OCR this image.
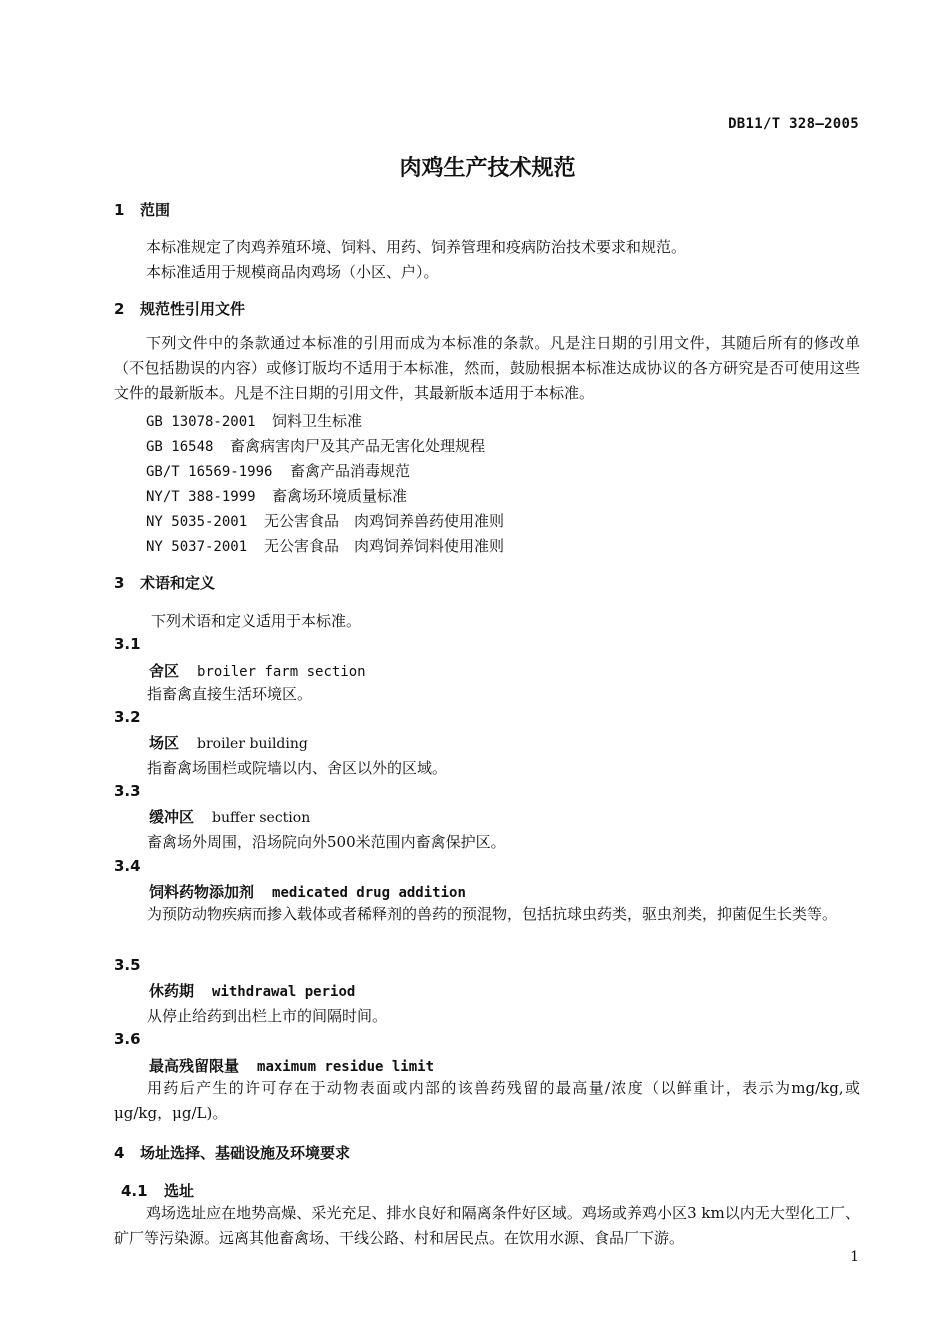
DB11/T 328—2005
肉鸡生产技术规范
1 范围
本标准规定了肉鸡养殖环境、饲料、用药、饲养管理和疫病防治技术要求和规范。
本标准适用于规模商品肉鸡场（小区、户）。
2 规范性引用文件
下列文件中的条款通过本标准的引用而成为本标准的条款。凡是注日期的引用文件，其随后所有的修改单（不包括勘误的内容）或修订版均不适用于本标准，然而，鼓励根据本标准达成协议的各方研究是否可使用这些文件的最新版本。凡是不注日期的引用文件，其最新版本适用于本标准。
GB 13078-2001 饲料卫生标准
GB 16548 畜禽病害肉尸及其产品无害化处理规程
GB/T 16569-1996 畜禽产品消毒规范
NY/T 388-1999 畜禽场环境质量标准
NY 5035-2001 无公害食品　肉鸡饲养兽药使用准则
NY 5037-2001 无公害食品　肉鸡饲养饲料使用准则
3 术语和定义
下列术语和定义适用于本标准。
3.1
舍区 broiler farm section
指畜禽直接生活环境区。
3.2
场区 broiler building
指畜禽场围栏或院墙以内、舍区以外的区域。
3.3
缓冲区 buffer section
畜禽场外周围，沿场院向外500米范围内畜禽保护区。
3.4
饲料药物添加剂 medicated drug addition
为预防动物疾病而掺入载体或者稀释剂的兽药的预混物，包括抗球虫药类，驱虫剂类，抑菌促生长类等。
3.5
休药期 withdrawal period
从停止给药到出栏上市的间隔时间。
3.6
最高残留限量 maximum residue limit
用药后产生的许可存在于动物表面或内部的该兽药残留的最高量/浓度（以鲜重计，表示为mg/kg,或μg/kg，μg/L)。
4 场址选择、基础设施及环境要求
4.1 选址
鸡场选址应在地势高燥、采光充足、排水良好和隔离条件好区域。鸡场或养鸡小区3 km以内无大型化工厂、矿厂等污染源。远离其他畜禽场、干线公路、村和居民点。在饮用水源、食品厂下游。
1
